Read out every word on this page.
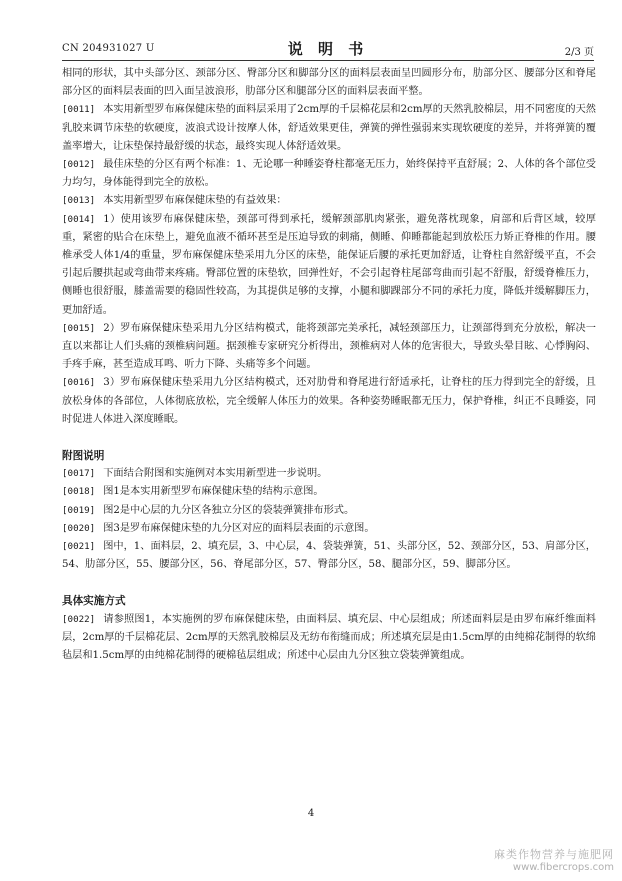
CN 204931027 U	说 明 书	2/3 页

相同的形状，其中头部分区、颈部分区、臀部分区和脚部分区的面料层表面呈凹圆形分布，肋部分区、腰部分区和脊尾部分区的面料层表面的凹入面呈波浪形，肋部分区和腿部分区的面料层表面平整。

[0011] 本实用新型罗布麻保健床垫的面料层采用了2cm厚的千层棉花层和2cm厚的天然乳胶棉层，用不同密度的天然乳胶来调节床垫的软硬度，波浪式设计按摩人体，舒适效果更佳，弹簧的弹性强弱来实现软硬度的差异，并将弹簧的覆盖率增大，让床垫保持最舒缓的状态，最终实现人体舒适效果。

[0012] 最佳床垫的分区有两个标准：1、无论哪一种睡姿脊柱都毫无压力，始终保持平直舒展；2、人体的各个部位受力均匀，身体能得到完全的放松。

[0013] 本实用新型罗布麻保健床垫的有益效果：

[0014] 1）使用该罗布麻保健床垫，颈部可得到承托，缓解颈部肌肉紧张，避免落枕现象，肩部和后背区域，较厚重，紧密的贴合在床垫上，避免血液不循环甚至是压迫导致的刺痛，侧睡、仰睡都能起到放松压力矫正脊椎的作用。腰椎承受人体1/4的重量，罗布麻保健床垫采用九分区的床垫，能保证后腰的承托更加舒适，让脊柱自然舒缓平直，不会引起后腰拱起或弯曲带来疼痛。臀部位置的床垫软，回弹性好，不会引起脊柱尾部弯曲而引起不舒服，舒缓脊椎压力，侧睡也很舒服，膝盖需要的稳固性较高，为其提供足够的支撑，小腿和脚踝部分不同的承托力度，降低并缓解脚压力，更加舒适。

[0015] 2）罗布麻保健床垫采用九分区结构模式，能将颈部完美承托，减轻颈部压力，让颈部得到充分放松，解决一直以来都让人们头痛的颈椎病问题。据颈椎专家研究分析得出，颈椎病对人体的危害很大，导致头晕目眩、心悸胸闷、手疼手麻，甚至造成耳鸣、听力下降、头痛等多个问题。

[0016] 3）罗布麻保健床垫采用九分区结构模式，还对肋骨和脊尾进行舒适承托，让脊柱的压力得到完全的舒缓，且放松身体的各部位，人体彻底放松，完全缓解人体压力的效果。各种姿势睡眠都无压力，保护脊椎，纠正不良睡姿，同时促进人体进入深度睡眠。

附图说明

[0017] 下面结合附图和实施例对本实用新型进一步说明。

[0018] 图1是本实用新型罗布麻保健床垫的结构示意图。

[0019] 图2是中心层的九分区各独立分区的袋装弹簧排布形式。

[0020] 图3是罗布麻保健床垫的九分区对应的面料层表面的示意图。

[0021] 图中，1、面料层，2、填充层，3、中心层，4、袋装弹簧，51、头部分区，52、颈部分区，53、肩部分区，54、肋部分区，55、腰部分区，56、脊尾部分区，57、臀部分区，58、腿部分区，59、脚部分区。

具体实施方式

[0022] 请参照图1，本实施例的罗布麻保健床垫，由面料层、填充层、中心层组成；所述面料层是由罗布麻纤维面料层，2cm厚的千层棉花层、2cm厚的天然乳胶棉层及无纺布衔缝而成；所述填充层是由1.5cm厚的由纯棉花制得的软绵毡层和1.5cm厚的由纯棉花制得的硬棉毡层组成；所述中心层由九分区独立袋装弹簧组成。

4
麻类作物营养与施肥网
www.fibercrops.com
